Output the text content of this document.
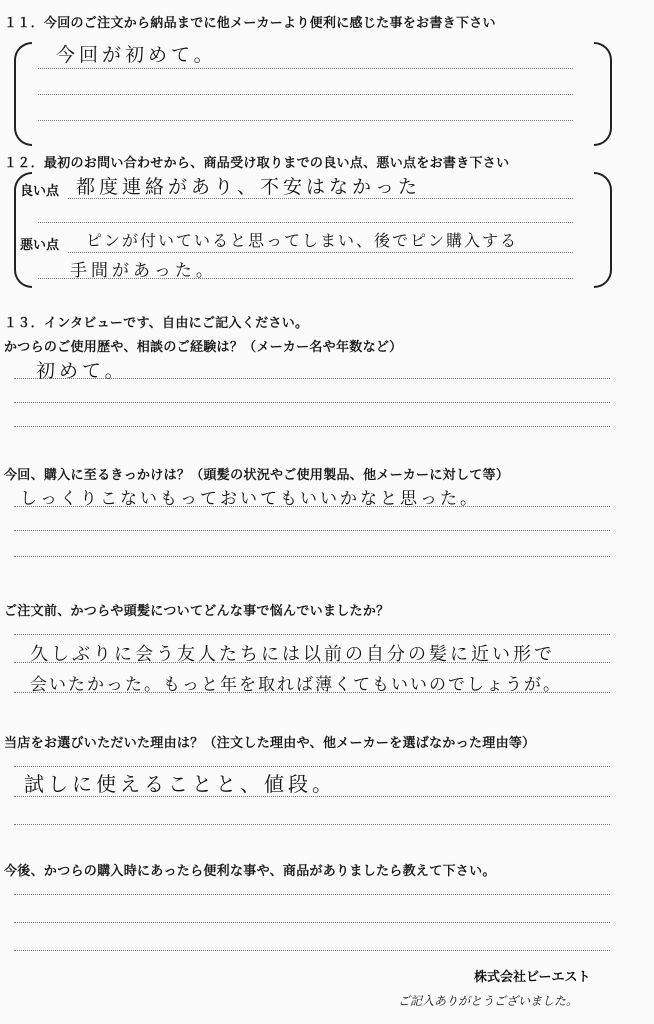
１１．今回のご注文から納品までに他メーカーより便利に感じた事をお書き下さい
今回が初めて。
１２．最初のお問い合わせから、商品受け取りまでの良い点、悪い点をお書き下さい
良い点 都度連絡があり、不安はなかった
悪い点 ピンが付いていると思ってしまい、後でピン購入する
手間があった。
１３．インタビューです、自由にご記入ください。
かつらのご使用歴や、相談のご経験は？（メーカー名や年数など）
初めて。
今回、購入に至るきっかけは？（頭髪の状況やご使用製品、他メーカーに対して等）
しっくりこないもっておいてもいいかなと思った。
ご注文前、かつらや頭髪についてどんな事で悩んでいましたか？
久しぶりに会う友人たちには以前の自分の髪に近い形で
会いたかった。もっと年を取れば薄くてもいいのでしょうが。
当店をお選びいただいた理由は？（注文した理由や、他メーカーを選ばなかった理由等）
試しに使えることと、値段。
今後、かつらの購入時にあったら便利な事や、商品がありましたら教えて下さい。
株式会社ビーエスト
ご記入ありがとうございました。
